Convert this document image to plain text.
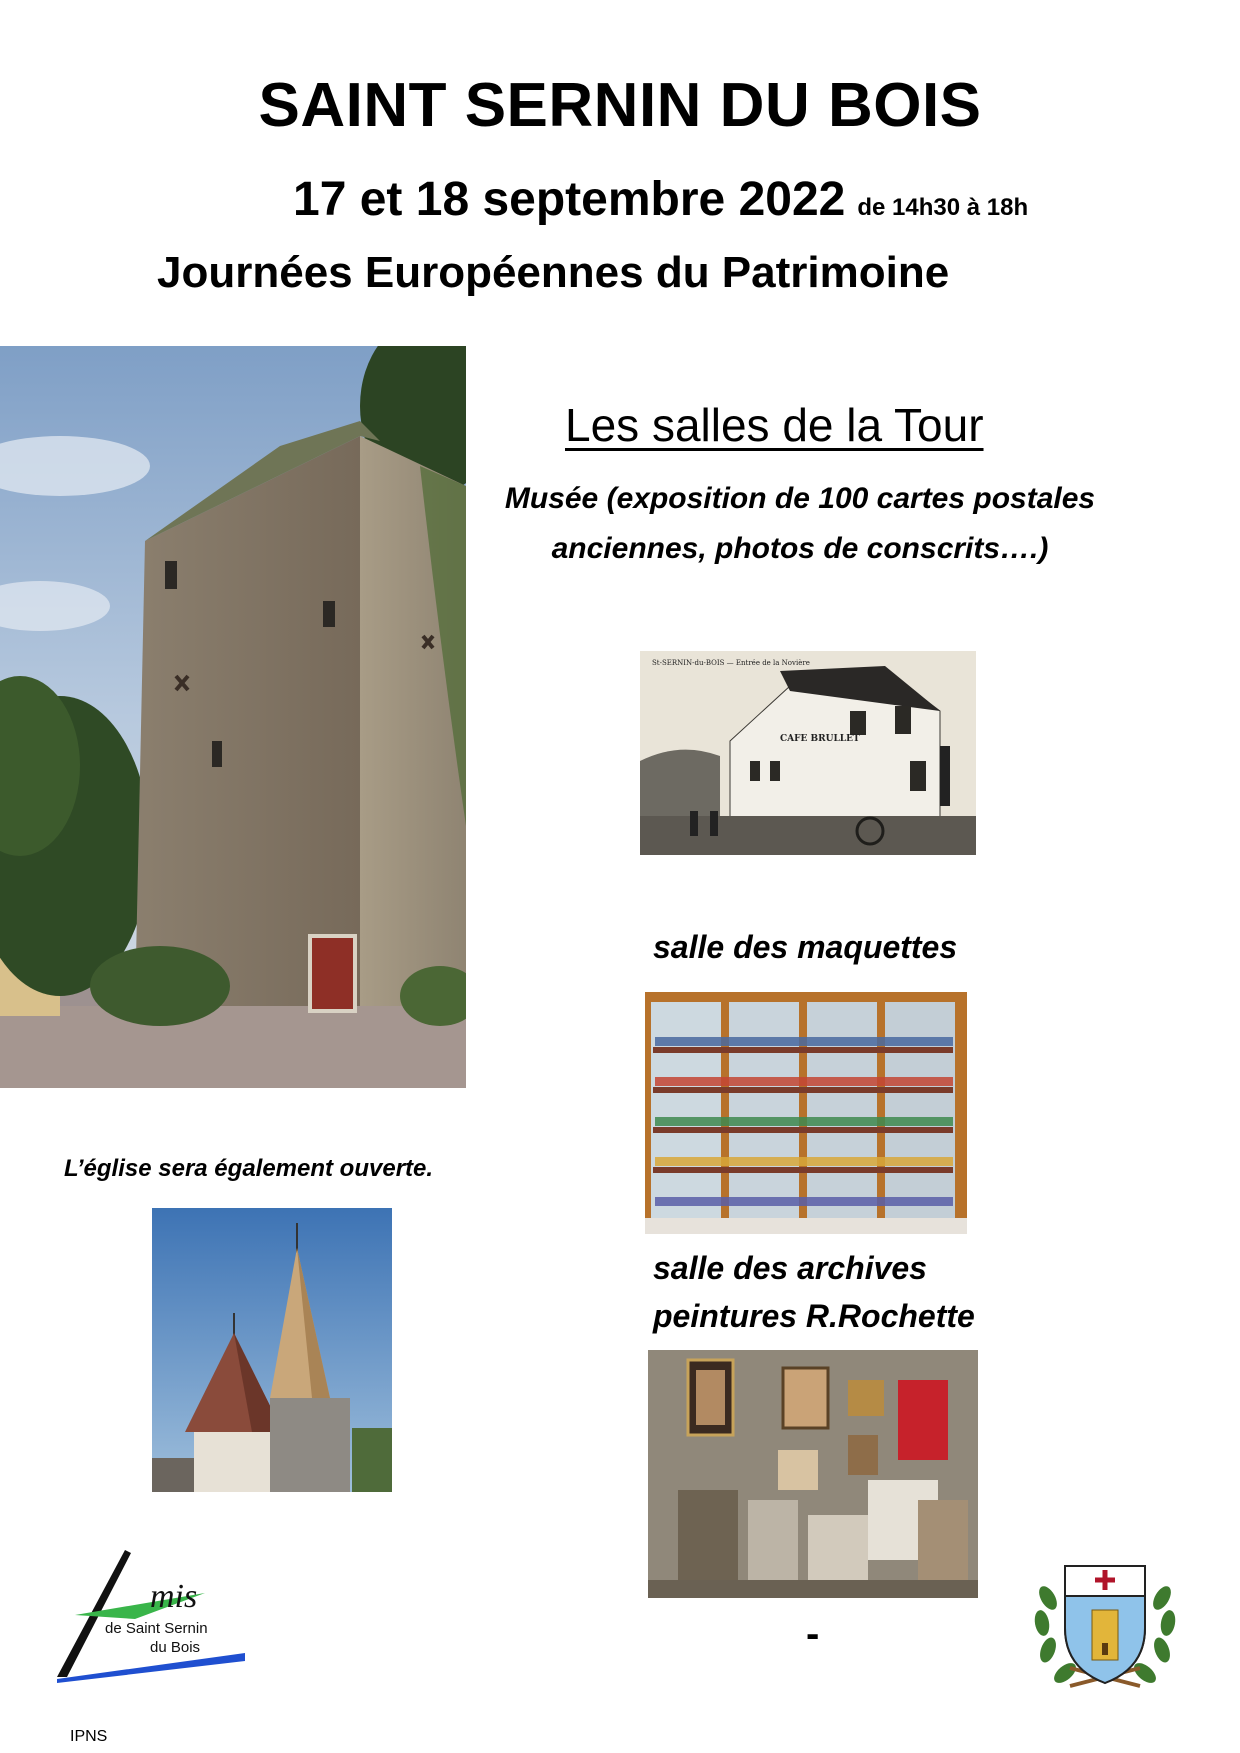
SAINT SERNIN DU BOIS
17 et 18 septembre 2022 de 14h30 à 18h
Journées Européennes du Patrimoine
Les salles de la Tour
Musée (exposition de 100 cartes postales
anciennes, photos de conscrits….)
St-SERNIN-du-BOIS — Entrée de la Novière
CAFE BRULLET
salle des maquettes
salle des archives
peintures R.Rochette
L’église sera également ouverte.
mis
de Saint Sernin
du Bois	-
IPNS
